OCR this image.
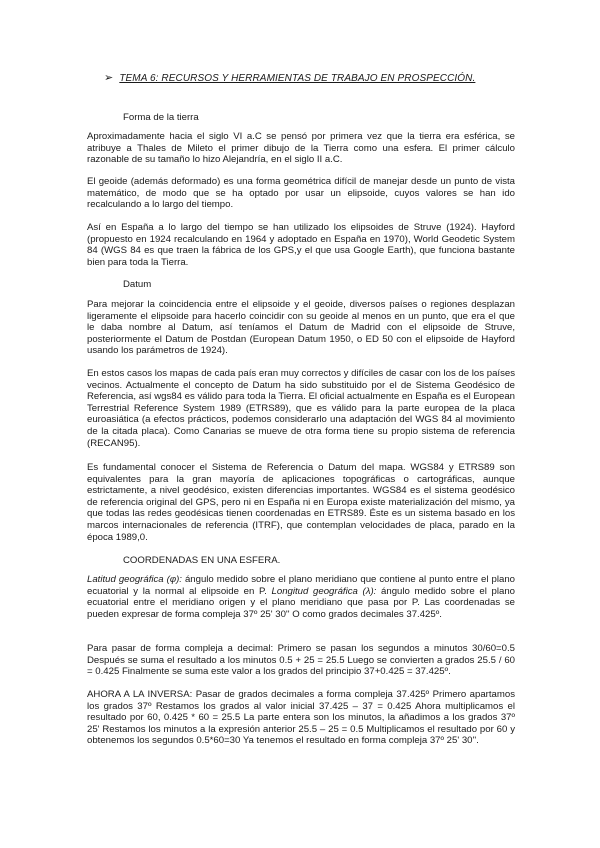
➢ TEMA 6: RECURSOS Y HERRAMIENTAS DE TRABAJO EN PROSPECCIÓN.
Forma de la tierra
Aproximadamente hacia el siglo VI a.C se pensó por primera vez que la tierra era esférica, se atribuye a Thales de Mileto el primer dibujo de la Tierra como una esfera. El primer cálculo razonable de su tamaño lo hizo Alejandría, en el siglo II a.C.
El geoide (además deformado) es una forma geométrica difícil de manejar desde un punto de vista matemático, de modo que se ha optado por usar un elipsoide, cuyos valores se han ido recalculando a lo largo del tiempo.
Así en España a lo largo del tiempo se han utilizado los elipsoides de Struve (1924). Hayford (propuesto en 1924 recalculando en 1964 y adoptado en España en 1970), World Geodetic System 84 (WGS 84 es que traen la fábrica de los GPS,y el que usa Google Earth), que funciona bastante bien para toda la Tierra.
Datum
Para mejorar la coincidencia entre el elipsoide y el geoide, diversos países o regiones desplazan ligeramente el elipsoide para hacerlo coincidir con su geoide al menos en un punto, que era el que le daba nombre al Datum, así teníamos el Datum de Madrid con el elipsoide de Struve, posteriormente el Datum de Postdan (European Datum 1950, o ED 50 con el elipsoide de Hayford usando los parámetros de 1924).
En estos casos los mapas de cada país eran muy correctos y difíciles de casar con los de los países vecinos. Actualmente el concepto de Datum ha sido substituido por el de Sistema Geodésico de Referencia, así wgs84 es válido para toda la Tierra. El oficial actualmente en España es el European Terrestrial Reference System 1989 (ETRS89), que es válido para la parte europea de la placa euroasiática (a efectos prácticos, podemos considerarlo una adaptación del WGS 84 al movimiento de la citada placa). Como Canarias se mueve de otra forma tiene su propio sistema de referencia (RECAN95).
Es fundamental conocer el Sistema de Referencia o Datum del mapa. WGS84 y ETRS89 son equivalentes para la gran mayoría de aplicaciones topográficas o cartográficas, aunque estrictamente, a nivel geodésico, existen diferencias importantes. WGS84 es el sistema geodésico de referencia original del GPS, pero ni en España ni en Europa existe materialización del mismo, ya que todas las redes geodésicas tienen coordenadas en ETRS89. Éste es un sistema basado en los marcos internacionales de referencia (ITRF), que contemplan velocidades de placa, parado en la época 1989,0.
COORDENADAS EN UNA ESFERA.
Latitud geográfica (φ): ángulo medido sobre el plano meridiano que contiene al punto entre el plano ecuatorial y la normal al elipsoide en P. Longitud geográfica (λ): ángulo medido sobre el plano ecuatorial entre el meridiano origen y el plano meridiano que pasa por P. Las coordenadas se pueden expresar de forma compleja 37º 25' 30'' O como grados decimales 37.425º.
Para pasar de forma compleja a decimal: Primero se pasan los segundos a minutos 30/60=0.5 Después se suma el resultado a los minutos 0.5 + 25 = 25.5 Luego se convierten a grados 25.5 / 60 = 0.425 Finalmente se suma este valor a los grados del principio 37+0.425 = 37.425º.
AHORA A LA INVERSA: Pasar de grados decimales a forma compleja 37.425º Primero apartamos los grados 37º Restamos los grados al valor inicial 37.425 – 37 = 0.425 Ahora multiplicamos el resultado por 60, 0.425 * 60 = 25.5 La parte entera son los minutos, la añadimos a los grados 37º 25' Restamos los minutos a la expresión anterior 25.5 – 25 = 0.5 Multiplicamos el resultado por 60 y obtenemos los segundos 0.5*60=30 Ya tenemos el resultado en forma compleja 37º 25' 30''.
